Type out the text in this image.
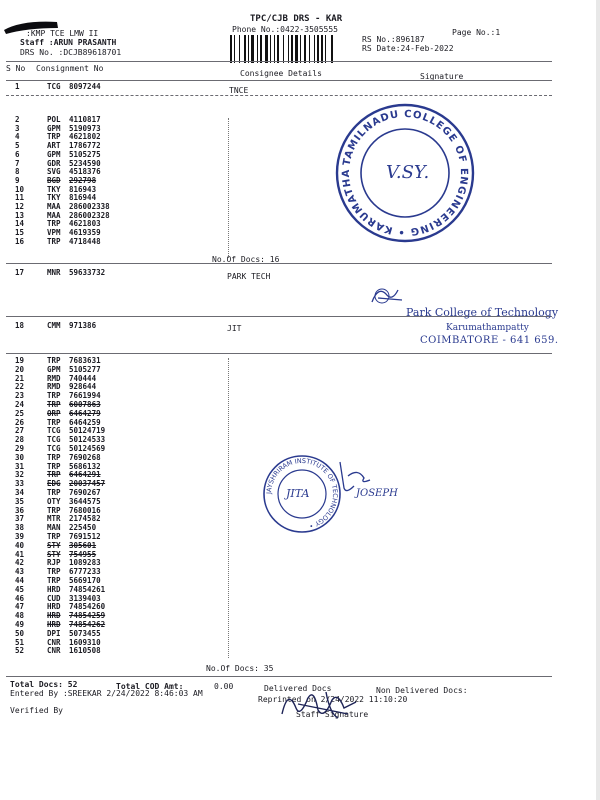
TPC/CJB DRS - KAR
Phone No.:0422-3505555	Page No.:1
:KMP TCE LMW II
Staff :ARUN PRASANTH
DRS No. :DCJB89618701
RS No.:896187
RS Date:24-Feb-2022
S No Consignment No
Consignee Details	Signature
1	TCG 8097244
2	POL 4110817
3	GPM 5190973
4	TRP 4621802
5	ART 1786772
6	GPM 5105275
7	GDR 5234590
8	SVG 4518376
9	BGD 292798
10	TKY 816943
11	TKY 816944
12	MAA 286002338
13	MAA 286002328
14	TRP 4621803
15	VPM 4619359
16	TRP 4718448
17	MNR 59633732
18	CMM 971386
19	TRP 7683631
20	GPM 5105277
21	RMD 740444
22	RMD 928644
23	TRP 7661994
24	TRP 6007863
25	ORP 6464279
26	TRP 6464259
27	TCG 50124719
28	TCG 50124533
29	TCG 50124569
30	TRP 7690268
31	TRP 5686132
32	TRP 6464291
33	EDG 20037457
34	TRP 7690267
35	OTY 3644575
36	TRP 7680016
37	MTR 2174582
38	MAN 225450
39	TRP 7691512
40	STY 305601
41	STY 754955
42	RJP 1089283
43	TRP 6777233
44	TRP 5669170
45	HRD 74854261
46	CUD 3139403
47	HRD 74854260
48	HRD 74854259
49	HRD 74854262
50	DPI 5073455
51	CNR 1609310
52	CNR 1610508
TNCE
PARK TECH
JIT
No.Of Docs: 16
No.Of Docs: 35
TAMILNADU COLLEGE OF ENGINEERING • KARUMATHAMPATTI •
V.SY.
Park College of Technology
Karumathampatty
COIMBATORE - 641 659.
JAYSHRIRAM INSTITUTE OF TECHNOLOGY •
JITA	JOSEPH
Total Docs: 52	Total COD Amt:	0.00	Delivered Docs	Non Delivered Docs:
Entered By :SREEKAR 2/24/2022 8:46:03 AM
Reprinted on 2/24/2022 11:10:20
Staff Signature
Verified By
